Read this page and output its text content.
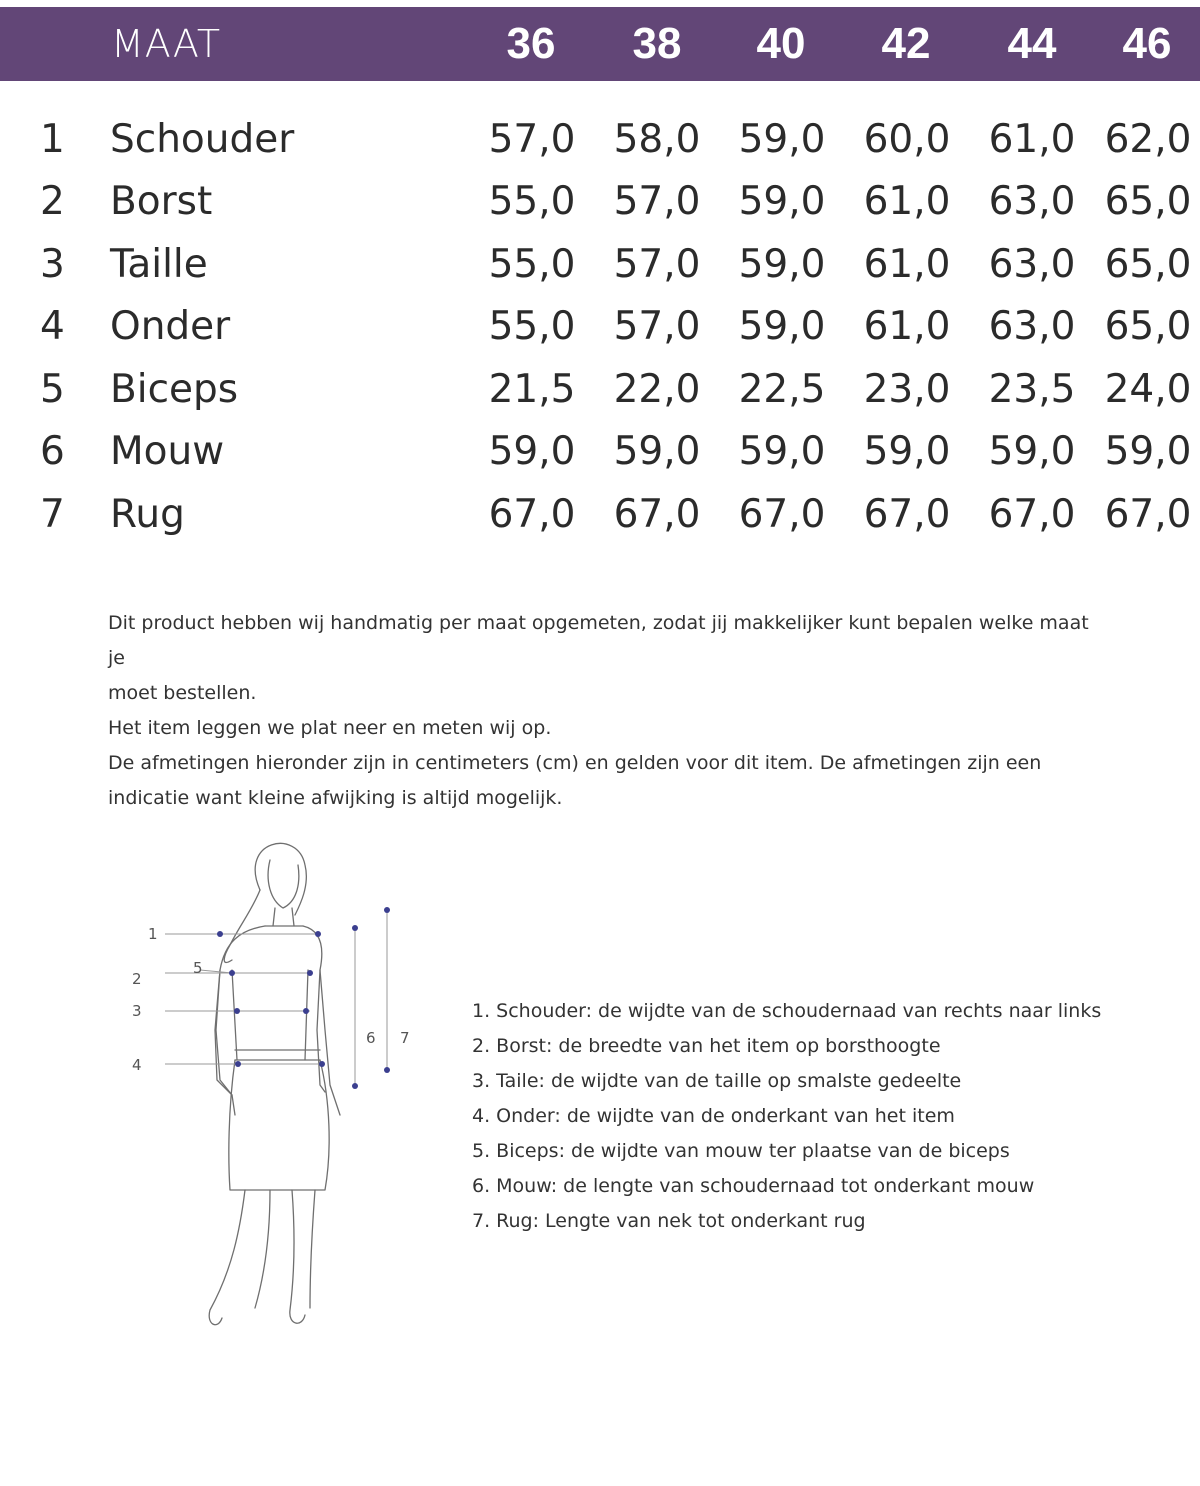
MAAT	36	38	40	42	44	46
1 Schouder	57,0 58,0 59,0 60,0 61,0 62,0
2 Borst	55,0 57,0 59,0 61,0 63,0 65,0
3 Taille	55,0 57,0 59,0 61,0 63,0 65,0
4 Onder	55,0 57,0 59,0 61,0 63,0 65,0
5 Biceps	21,5 22,0 22,5 23,0 23,5 24,0
6 Mouw	59,0 59,0 59,0 59,0 59,0 59,0
7 Rug	67,0 67,0 67,0 67,0 67,0 67,0

Dit product hebben wij handmatig per maat opgemeten, zodat jij makkelijker kunt bepalen welke maat je

moet bestellen.

Het item leggen we plat neer en meten wij op.

De afmetingen hieronder zijn in centimeters (cm) en gelden voor dit item. De afmetingen zijn een

indicatie want kleine afwijking is altijd mogelijk.

1
2
3
4
5
6 7
1. Schouder: de wijdte van de schoudernaad van rechts naar links
2. Borst: de breedte van het item op borsthoogte
3. Taile: de wijdte van de taille op smalste gedeelte
4. Onder: de wijdte van de onderkant van het item
5. Biceps: de wijdte van mouw ter plaatse van de biceps
6. Mouw: de lengte van schoudernaad tot onderkant mouw
7. Rug: Lengte van nek tot onderkant rug
